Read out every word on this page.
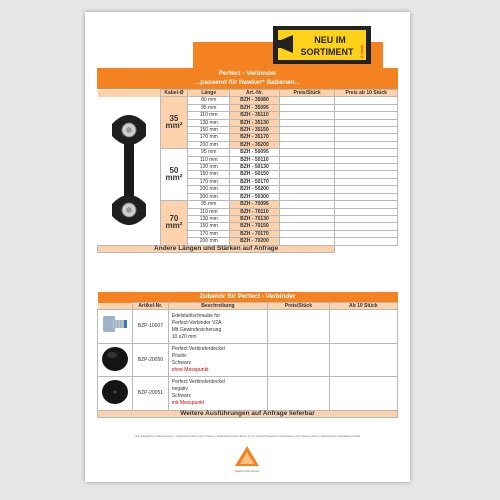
NEU IM
SORTIMENT !
Perfect - Verbinder
...passend für Hawker* Batterien...
	Kabel-Ø	Länge	Art.-Nr.	Preis/Stück	Preis ab 10 Stück
	35 mm²	80 mm	BZH - 35080		
		95 mm	BZH - 35095		
		110 mm	BZH - 35110		
		130 mm	BZH - 35130		
		150 mm	BZH - 35150		
		170 mm	BZH - 35170		
		200 mm	BZH - 35200		
	50 mm²	95 mm	BZH - 50095		
		110 mm	BZH - 50110		
		130 mm	BZH - 50130		
		150 mm	BZH - 50150		
		170 mm	BZH - 50170		
		200 mm	BZH - 50200		
		300 mm	BZH - 50300		
	70 mm²	95 mm	BZH - 70095		
		110 mm	BZH - 70110		
		130 mm	BZH - 70130		
		150 mm	BZH - 70150		
		170 mm	BZH - 70170		
		200 mm	BZH - 70200		
Andere Längen und Stärken auf Anfrage					
Zubehör für Perfect - Verbinder				
	Artikel-Nr.	Beschreibung	Preis/Stück	Ab 10 Stück
	BZP-10007	Edelstahlschraube für
Perfect-Verbinder V2A
Mit Gewindesicherung
10 x20 mm		

	BZP-20050	Perfect Verbinderdeckel
Positiv
Schwarz
ohne Messpunkt		

	BZP-20051	Perfect Verbinderdeckel
negativ
Schwarz
mit Messpunkt		

Weitere Ausführungen auf Anfrage lieferbar				
*Die aufgeführten Artikelnummern / Original-Fremdnummern / Namen und Bezeichnungen dienen nur zu Vergleichszwecken und bedeuten nicht, dass es sich um gleichwertige Originalteile handelt
Quality Parts Service
